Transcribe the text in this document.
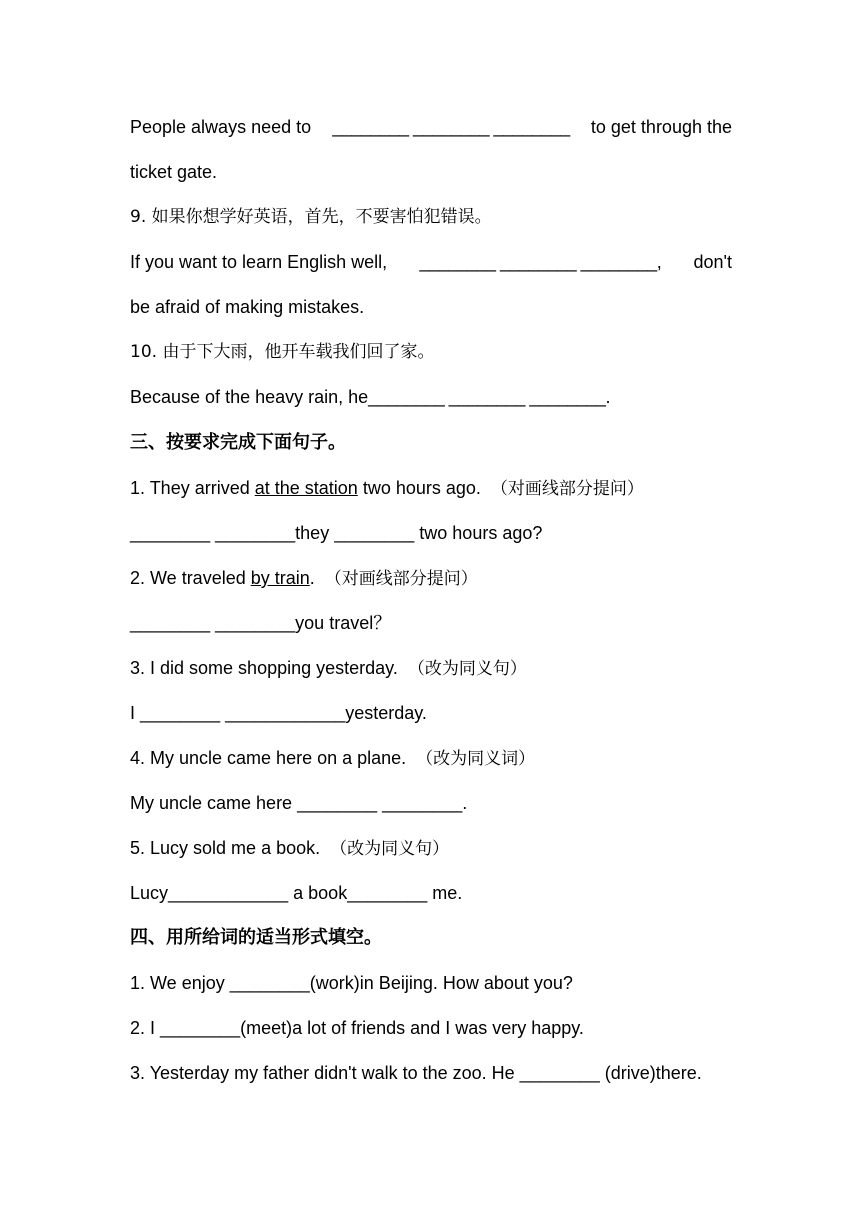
People always need to ________ ________ ________ to get through the
ticket gate.
9. 如果你想学好英语，首先，不要害怕犯错误。
If you want to learn English well, ________ ________ ________, don't
be afraid of making mistakes.
10. 由于下大雨，他开车载我们回了家。
Because of the heavy rain, he________ ________ ________.
三、按要求完成下面句子。
1. They arrived at the station two hours ago. （对画线部分提问）
________ ________they ________ two hours ago?
2. We traveled by train. （对画线部分提问）
________ ________you travel？
3. I did some shopping yesterday. （改为同义句）
I ________ ____________yesterday.
4. My uncle came here on a plane. （改为同义词）
My uncle came here ________ ________.
5. Lucy sold me a book. （改为同义句）
Lucy____________ a book________ me.
四、用所给词的适当形式填空。
1. We enjoy ________(work)in Beijing. How about you?
2. I ________(meet)a lot of friends and I was very happy.
3. Yesterday my father didn't walk to the zoo. He ________ (drive)there.
